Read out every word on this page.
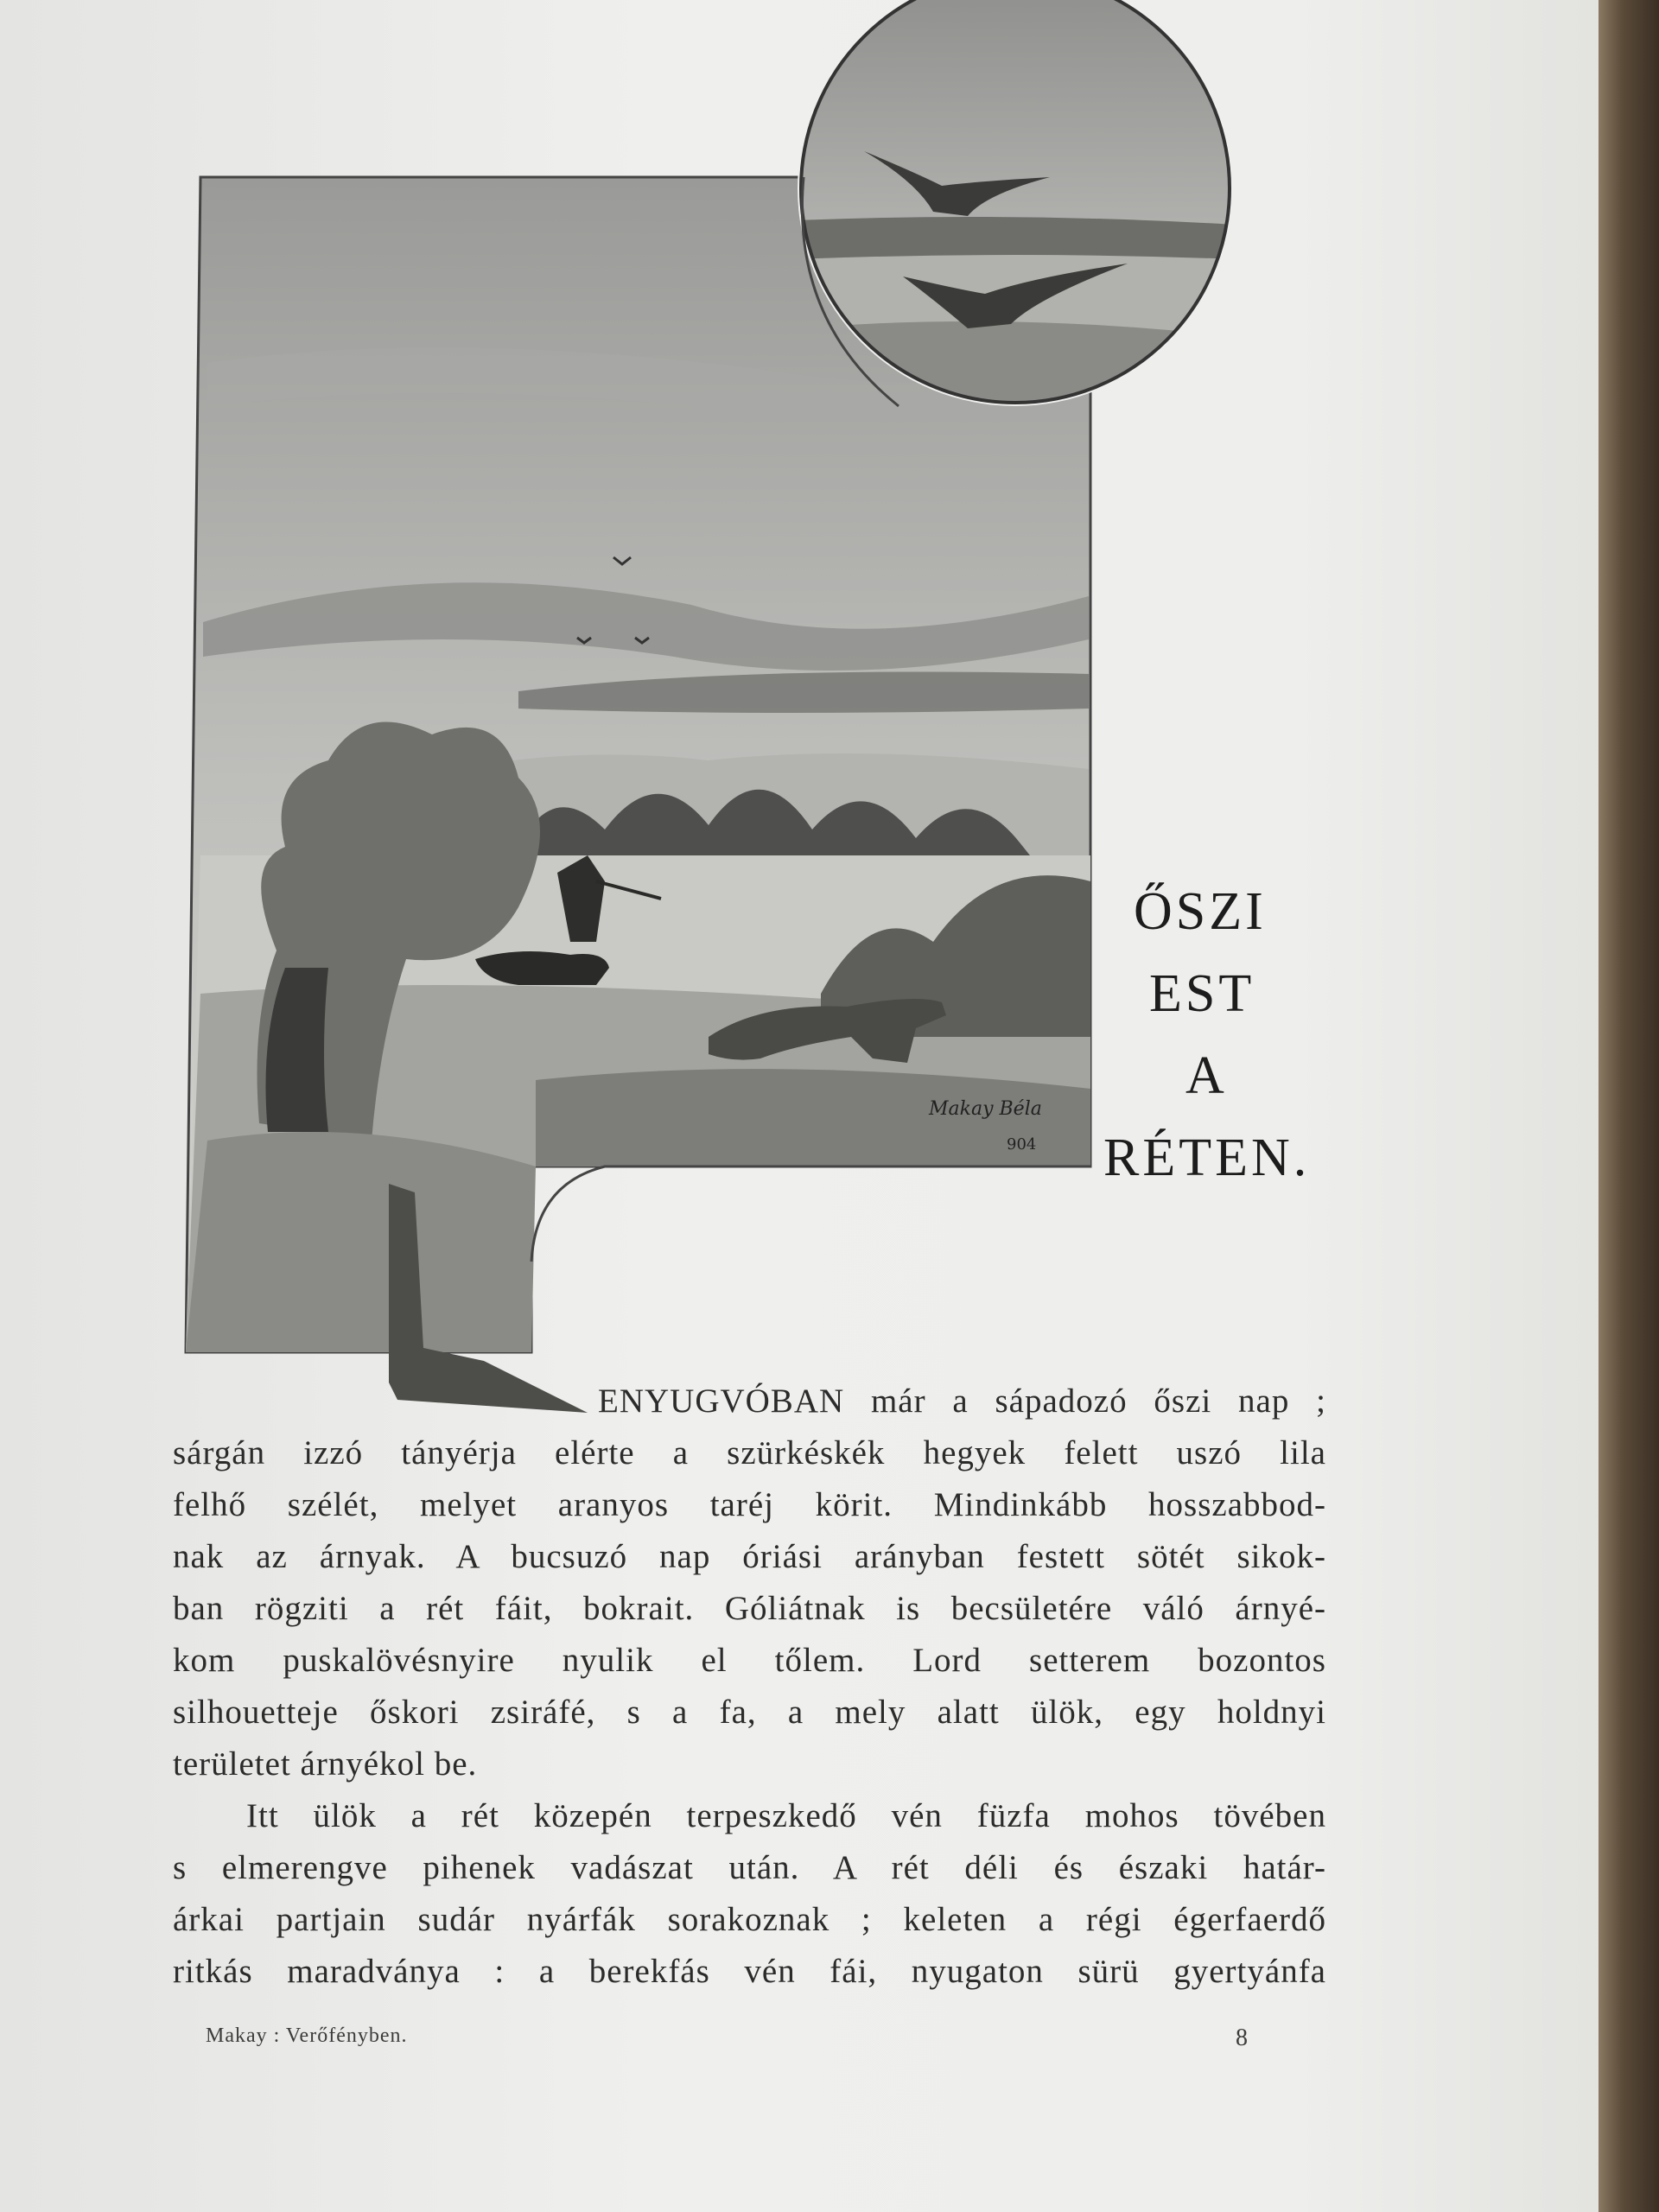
Makay Béla
904
ŐSZI
EST
A
RÉTEN.
ENYUGVÓBAN már a sápadozó őszi nap ;
sárgán izzó tányérja elérte a szürkéskék hegyek felett uszó lila
felhő szélét, melyet aranyos taréj körit. Mindinkább hosszabbod-
nak az árnyak. A bucsuzó nap óriási arányban festett sötét sikok-
ban rögziti a rét fáit, bokrait. Góliátnak is becsületére váló árnyé-
kom puskalövésnyire nyulik el tőlem. Lord setterem bozontos
silhouetteje őskori zsiráfé, s a fa, a mely alatt ülök, egy holdnyi
területet árnyékol be.
Itt ülök a rét közepén terpeszkedő vén füzfa mohos tövében
s elmerengve pihenek vadászat után. A rét déli és északi határ-
árkai partjain sudár nyárfák sorakoznak ; keleten a régi égerfaerdő
ritkás maradványa : a berekfás vén fái, nyugaton sürü gyertyánfa
Makay : Verőfényben.	8
